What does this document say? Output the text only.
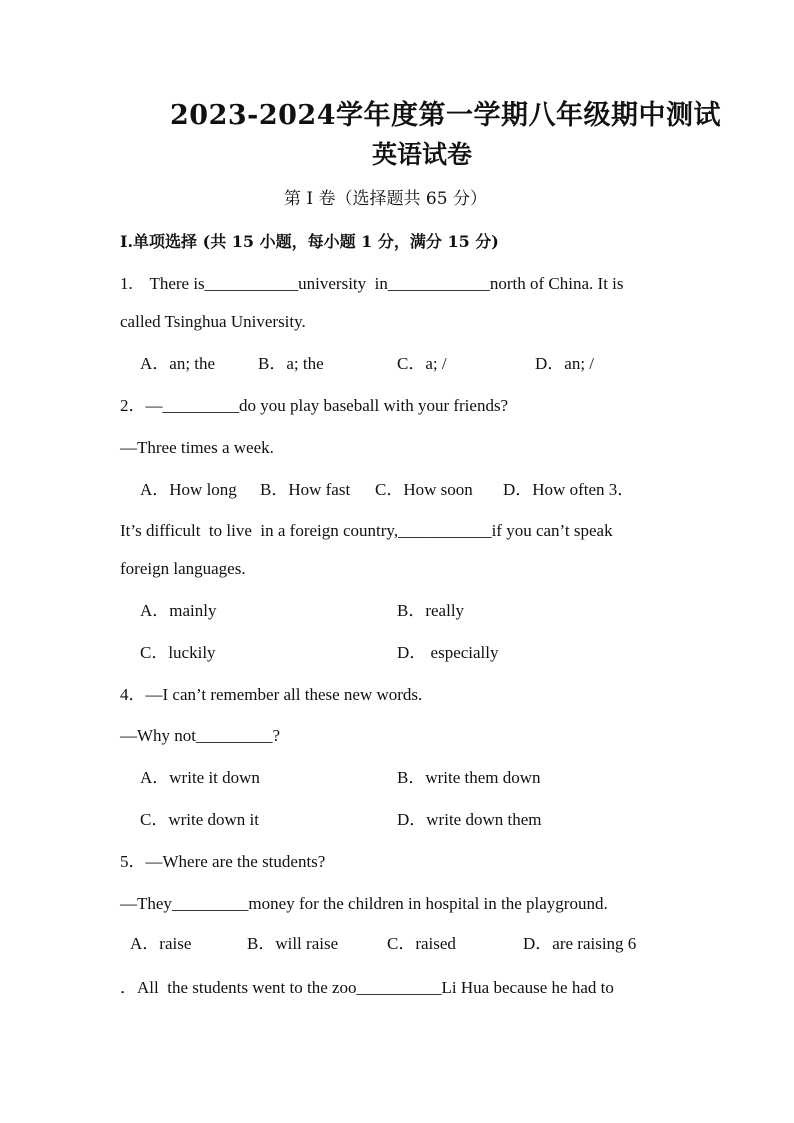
2023-2024学年度第一学期八年级期中测试
英语试卷
第 I 卷（选择题共 65 分）
I.单项选择 (共 15 小题，每小题 1 分，满分 15 分)
1.    There is___________university  in____________north of China. It is
called Tsinghua University.
A．an; the	B．a; the	C．a; /	D．an; /
2．—_________do you play baseball with your friends?
—Three times a week.
A．How long B．How fast C．How soon D．How often 3．
It’s difficult  to live  in a foreign country,___________if you can’t speak
foreign languages.
A．mainly	B．really
C．luckily	D． especially
4．—I can’t remember all these new words.
—Why not_________?
A．write it down	B．write them down
C．write down it	D．write down them
5．—Where are the students?
—They_________money for the children in hospital in the playground.
A．raise	B．will raise	C．raised	D．are raising 6
．All  the students went to the zoo__________Li Hua because he had to
